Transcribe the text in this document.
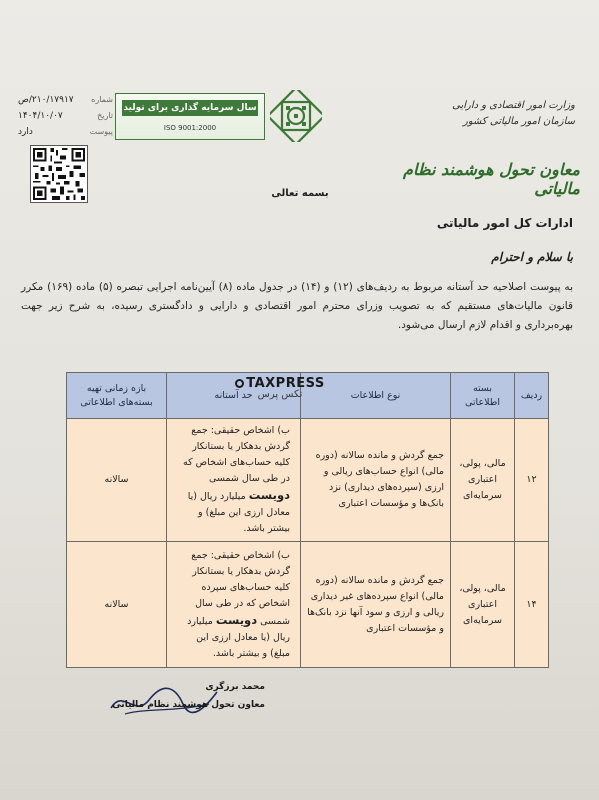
شماره
۲۱۰/۱۷۹۱۷/ص
تاریخ
۱۴۰۴/۱۰/۰۷
پیوست
دارد
سال سرمایه گذاری برای تولید
ISO 9001:2000
وزارت امور اقتصادی و دارایی
سازمان امور مالیاتی کشور
معاون تحول هوشمند نظام مالیاتی
بسمه تعالی
ادارات کل امور مالیاتی
با سلام و احترام
به پیوست اصلاحیه حد آستانه مربوط به ردیف‌های (۱۲) و (۱۴) در جدول ماده (۸) آیین‌نامه اجرایی تبصره (۵) ماده (۱۶۹) مکرر قانون مالیات‌های مستقیم که به تصویب وزرای محترم امور اقتصادی و دارایی و دادگستری رسیده، به شرح زیر جهت بهره‌برداری و اقدام لازم ارسال می‌شود.
ردیف	بسته اطلاعاتی	نوع اطلاعات	حد آستانه	بازه زمانی تهیه بسته‌های اطلاعاتی
۱۲	مالی، پولی، اعتباری سرمایه‌ای	جمع گردش و مانده سالانه (دوره مالی) انواع حساب‌های ریالی و ارزی (سپرده‌های دیداری) نزد بانک‌ها و مؤسسات اعتباری	ب) اشخاص حقیقی: جمع گردش بدهکار یا بستانکار کلیه حساب‌های اشخاص که در طی سال شمسی دویست میلیارد ریال (یا معادل ارزی این مبلغ) و بیشتر باشد.	سالانه
۱۴	مالی، پولی، اعتباری سرمایه‌ای	جمع گردش و مانده سالانه (دوره مالی) انواع سپرده‌های غیر دیداری ریالی و ارزی و سود آنها نزد بانک‌ها و مؤسسات اعتباری	ب) اشخاص حقیقی: جمع گردش بدهکار یا بستانکار کلیه حساب‌های سپرده اشخاص که در طی سال شمسی دویست میلیارد ریال (یا معادل ارزی این مبلغ) و بیشتر باشد.	سالانه
TAXPRESS
تکس پرس
محمد برزگری
معاون تحول هوشمند نظام مالیاتی
